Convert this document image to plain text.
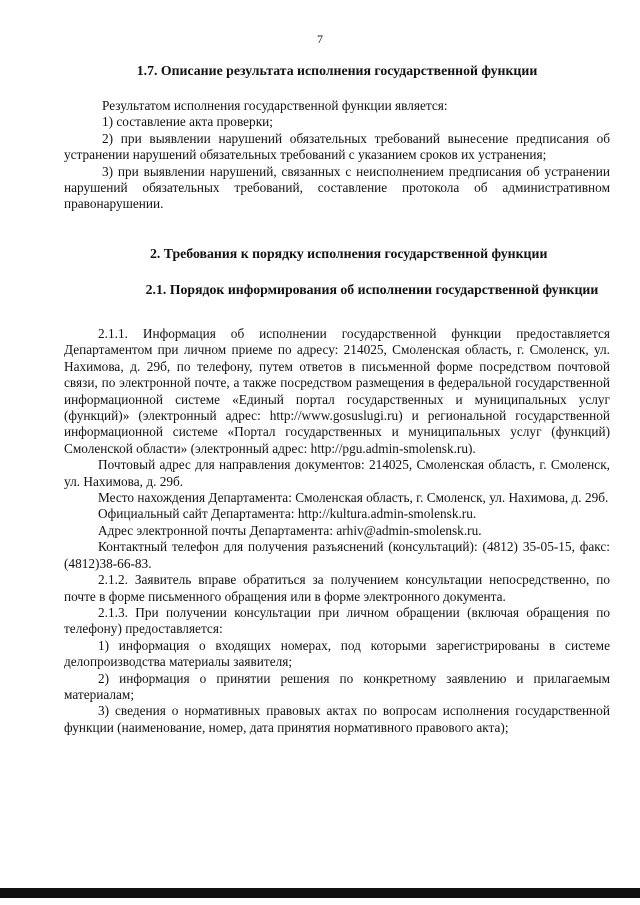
7
1.7. Описание результата исполнения государственной функции

Результатом исполнения государственной функции является:

1) составление акта проверки;

2) при выявлении нарушений обязательных требований вынесение предписания об устранении нарушений обязательных требований с указанием сроков их устранения;

3) при выявлении нарушений, связанных с неисполнением предписания об устранении нарушений обязательных требований, составление протокола об административном правонарушении.

2. Требования к порядку исполнения государственной функции
2.1. Порядок информирования об исполнении государственной функции

2.1.1. Информация об исполнении государственной функции предоставляется Департаментом при личном приеме по адресу: 214025, Смоленская область, г. Смоленск, ул. Нахимова, д. 29б, по телефону, путем ответов в письменной форме посредством почтовой связи, по электронной почте, а также посредством размещения в федеральной государственной информационной системе «Единый портал государственных и муниципальных услуг (функций)» (электронный адрес: http://www.gosuslugi.ru) и региональной государственной информационной системе «Портал государственных и муниципальных услуг (функций) Смоленской области» (электронный адрес: http://pgu.admin-smolensk.ru).

Почтовый адрес для направления документов: 214025, Смоленская область, г. Смоленск, ул. Нахимова, д. 29б.

Место нахождения Департамента: Смоленская область, г. Смоленск, ул. Нахимова, д. 29б.

Официальный сайт Департамента: http://kultura.admin-smolensk.ru.

Адрес электронной почты Департамента: arhiv@admin-smolensk.ru.

Контактный телефон для получения разъяснений (консультаций): (4812) 35-05-15, факс: (4812)38-66-83.

2.1.2. Заявитель вправе обратиться за получением консультации непосредственно, по почте в форме письменного обращения или в форме электронного документа.

2.1.3. При получении консультации при личном обращении (включая обращения по телефону) предоставляется:

1) информация о входящих номерах, под которыми зарегистрированы в системе делопроизводства материалы заявителя;

2) информация о принятии решения по конкретному заявлению и прилагаемым материалам;

3) сведения о нормативных правовых актах по вопросам исполнения государственной функции (наименование, номер, дата принятия нормативного правового акта);
